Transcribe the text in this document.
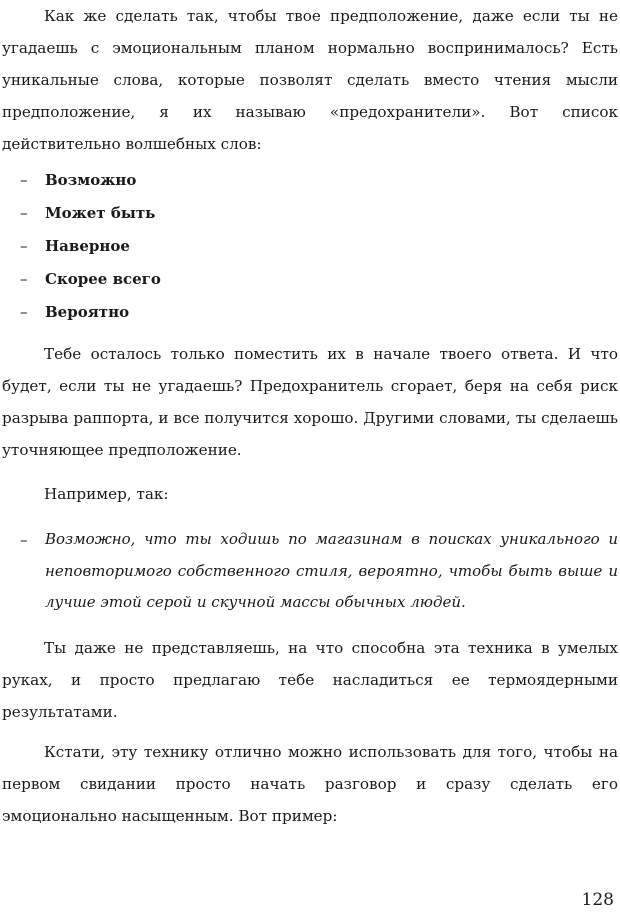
Как же сделать так, чтобы твое предположение, даже если ты не угадаешь с эмоциональным планом нормально воспринималось? Есть уникальные слова, которые позволят сделать вместо чтения мысли предположение, я их называю «предохранители». Вот список действительно волшебных слов:

– Возможно
– Может быть
– Наверное
– Скорее всего
– Вероятно

Тебе осталось только поместить их в начале твоего ответа. И что будет, если ты не угадаешь? Предохранитель сгорает, беря на себя риск разрыва раппорта, и все получится хорошо. Другими словами, ты сделаешь уточняющее предположение.

Например, так:

–	Возможно, что ты ходишь по магазинам в поисках уникального и неповторимого собственного стиля, вероятно, чтобы быть выше и лучше этой серой и скучной массы обычных людей.

Ты даже не представляешь, на что способна эта техника в умелых руках, и просто предлагаю тебе насладиться ее термоядерными результатами.

Кстати, эту технику отлично можно использовать для того, чтобы на первом свидании просто начать разговор и сразу сделать его эмоционально насыщенным. Вот пример:

128
